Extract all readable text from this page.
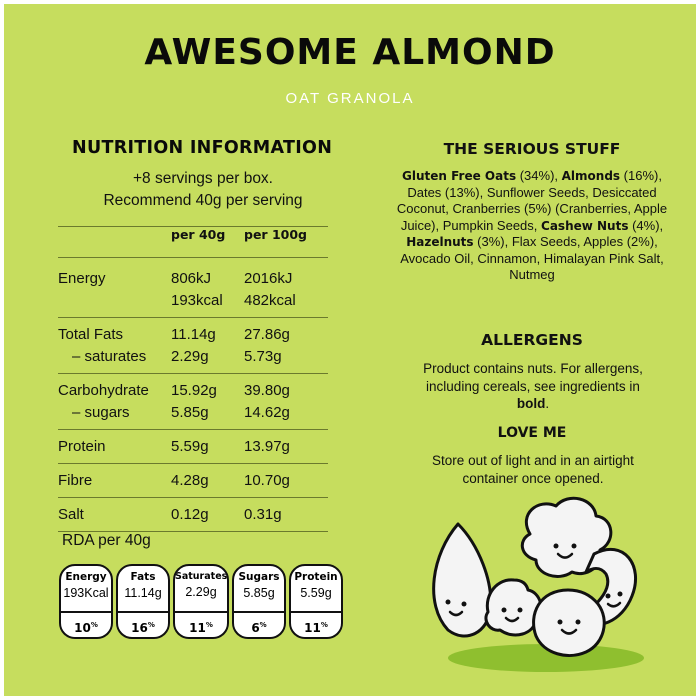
AWESOME ALMOND
OAT GRANOLA
NUTRITION INFORMATION
+8 servings per box.
Recommend 40g per serving
	per 40g	per 100g
Energy	806kJ	2016kJ
	193kcal	482kcal
Total Fats	11.14g	27.86g
– saturates	2.29g	5.73g
Carbohydrate	15.92g	39.80g
– sugars	5.85g	14.62g
Protein	5.59g	13.97g
Fibre	4.28g	10.70g
Salt	0.12g	0.31g
RDA per 40g
Energy
193Kcal
10%
Fats
11.14g
16%
Saturates
2.29g
11%
Sugars
5.85g
6%
Protein
5.59g
11%
THE SERIOUS STUFF
Gluten Free Oats (34%), Almonds (16%), Dates (13%), Sunflower Seeds, Desiccated Coconut, Cranberries (5%) (Cranberries, Apple Juice), Pumpkin Seeds, Cashew Nuts (4%), Hazelnuts (3%), Flax Seeds, Apples (2%), Avocado Oil, Cinnamon, Himalayan Pink Salt, Nutmeg
ALLERGENS
Product contains nuts. For allergens, including cereals, see ingredients in bold.
LOVE ME
Store out of light and in an airtight container once opened.
